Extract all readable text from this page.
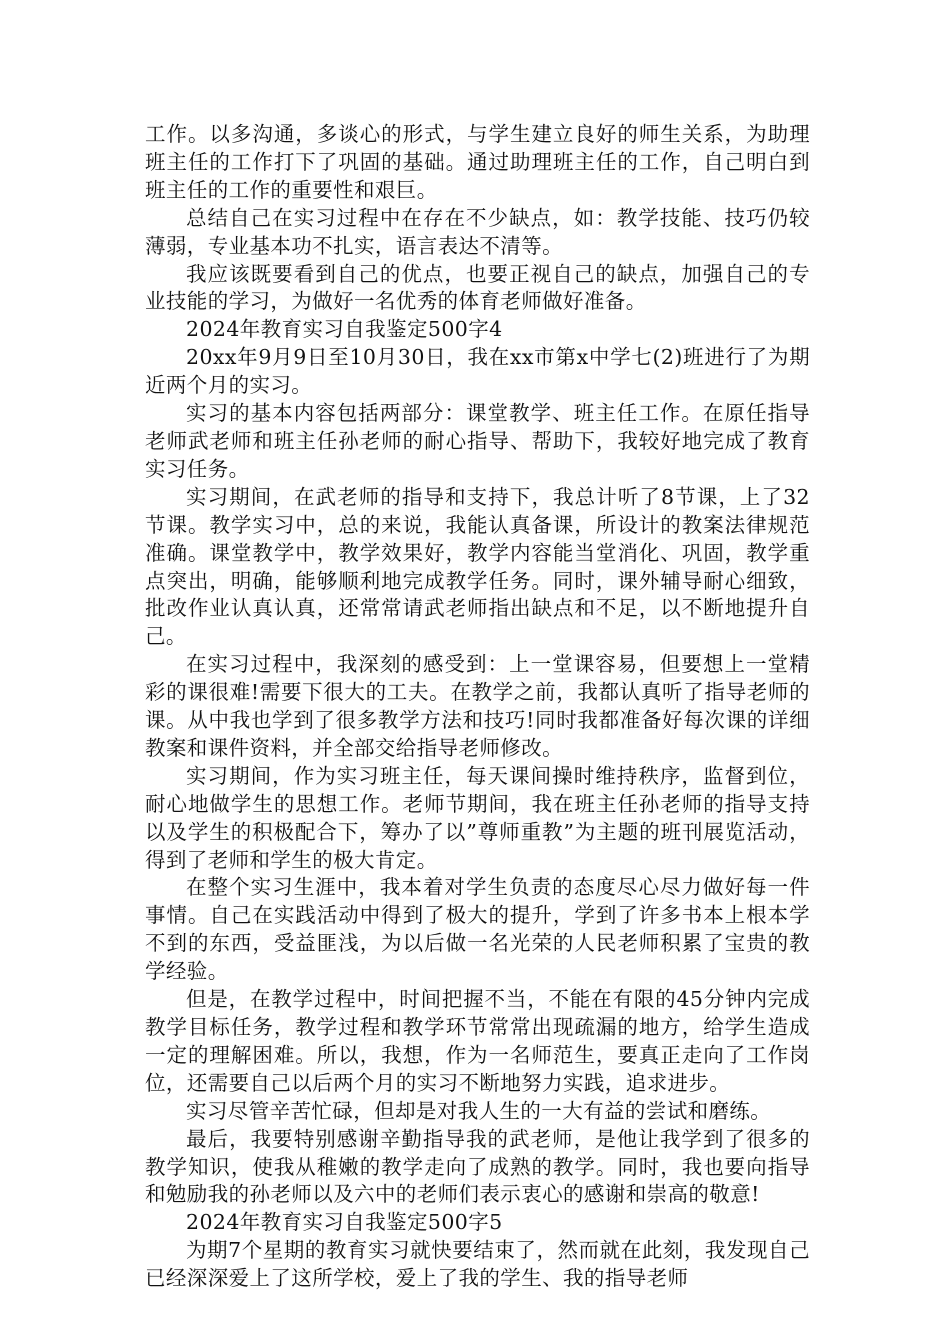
工作。以多沟通，多谈心的形式，与学生建立良好的师生关系，为助理班主任的工作打下了巩固的基础。通过助理班主任的工作，自己明白到班主任的工作的重要性和艰巨。

总结自己在实习过程中在存在不少缺点，如：教学技能、技巧仍较薄弱，专业基本功不扎实，语言表达不清等。

我应该既要看到自己的优点，也要正视自己的缺点，加强自己的专业技能的学习，为做好一名优秀的体育老师做好准备。

2024年教育实习自我鉴定500字4

20xx年9月9日至10月30日，我在xx市第x中学七(2)班进行了为期近两个月的实习。

实习的基本内容包括两部分：课堂教学、班主任工作。在原任指导老师武老师和班主任孙老师的耐心指导、帮助下，我较好地完成了教育实习任务。

实习期间，在武老师的指导和支持下，我总计听了8节课，上了32节课。教学实习中，总的来说，我能认真备课，所设计的教案法律规范准确。课堂教学中，教学效果好，教学内容能当堂消化、巩固，教学重点突出，明确，能够顺利地完成教学任务。同时，课外辅导耐心细致，批改作业认真认真，还常常请武老师指出缺点和不足，以不断地提升自己。

在实习过程中，我深刻的感受到：上一堂课容易，但要想上一堂精彩的课很难!需要下很大的工夫。在教学之前，我都认真听了指导老师的课。从中我也学到了很多教学方法和技巧!同时我都准备好每次课的详细教案和课件资料，并全部交给指导老师修改。

实习期间，作为实习班主任，每天课间操时维持秩序，监督到位，耐心地做学生的思想工作。老师节期间，我在班主任孙老师的指导支持以及学生的积极配合下，筹办了以”尊师重教”为主题的班刊展览活动，得到了老师和学生的极大肯定。

在整个实习生涯中，我本着对学生负责的态度尽心尽力做好每一件事情。自己在实践活动中得到了极大的提升，学到了许多书本上根本学不到的东西，受益匪浅，为以后做一名光荣的人民老师积累了宝贵的教学经验。

但是，在教学过程中，时间把握不当，不能在有限的45分钟内完成教学目标任务，教学过程和教学环节常常出现疏漏的地方，给学生造成一定的理解困难。所以，我想，作为一名师范生，要真正走向了工作岗位，还需要自己以后两个月的实习不断地努力实践，追求进步。

实习尽管辛苦忙碌，但却是对我人生的一大有益的尝试和磨练。

最后，我要特别感谢辛勤指导我的武老师，是他让我学到了很多的教学知识，使我从稚嫩的教学走向了成熟的教学。同时，我也要向指导和勉励我的孙老师以及六中的老师们表示衷心的感谢和崇高的敬意!

2024年教育实习自我鉴定500字5

为期7个星期的教育实习就快要结束了，然而就在此刻，我发现自己已经深深爱上了这所学校，爱上了我的学生、我的指导老师
